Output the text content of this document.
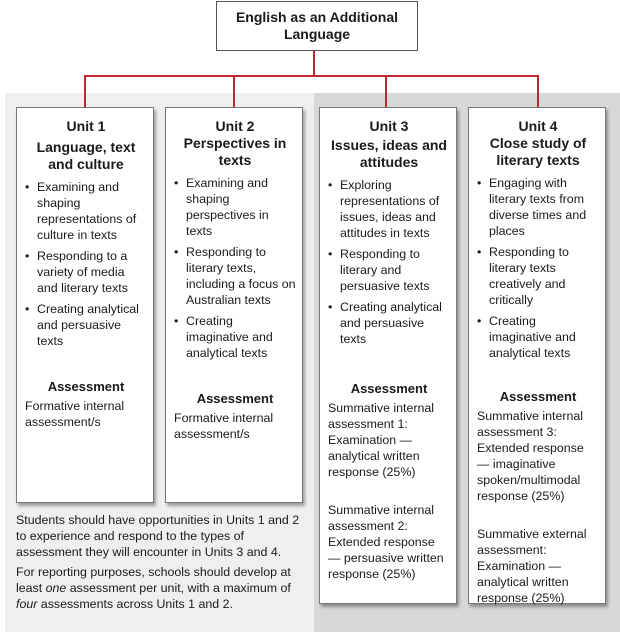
English as an Additional Language
Unit 1
Language, text and culture
• Examining and shaping representations of culture in texts
• Responding to a variety of media and literary texts
• Creating analytical and persuasive texts
Assessment

Formative internal assessment/s

Unit 2
Perspectives in texts
• Examining and shaping perspectives in texts
• Responding to literary texts, including a focus on Australian texts
• Creating imaginative and analytical texts
Assessment

Formative internal assessment/s

Unit 3
Issues, ideas and attitudes
• Exploring representations of issues, ideas and attitudes in texts
• Responding to literary and persuasive texts
• Creating analytical and persuasive texts
Assessment

Summative internal assessment 1: Examination — analytical written response (25%)

Summative internal assessment 2: Extended response — persuasive written response (25%)

Unit 4
Close study of literary texts
• Engaging with literary texts from diverse times and places
• Responding to literary texts creatively and critically
• Creating imaginative and analytical texts
Assessment

Summative internal assessment 3: Extended response — imaginative spoken/multimodal response (25%)

Summative external assessment: Examination — analytical written response (25%)

Students should have opportunities in Units 1 and 2 to experience and respond to the types of assessment they will encounter in Units 3 and 4.

For reporting purposes, schools should develop at least one assessment per unit, with a maximum of four assessments across Units 1 and 2.
